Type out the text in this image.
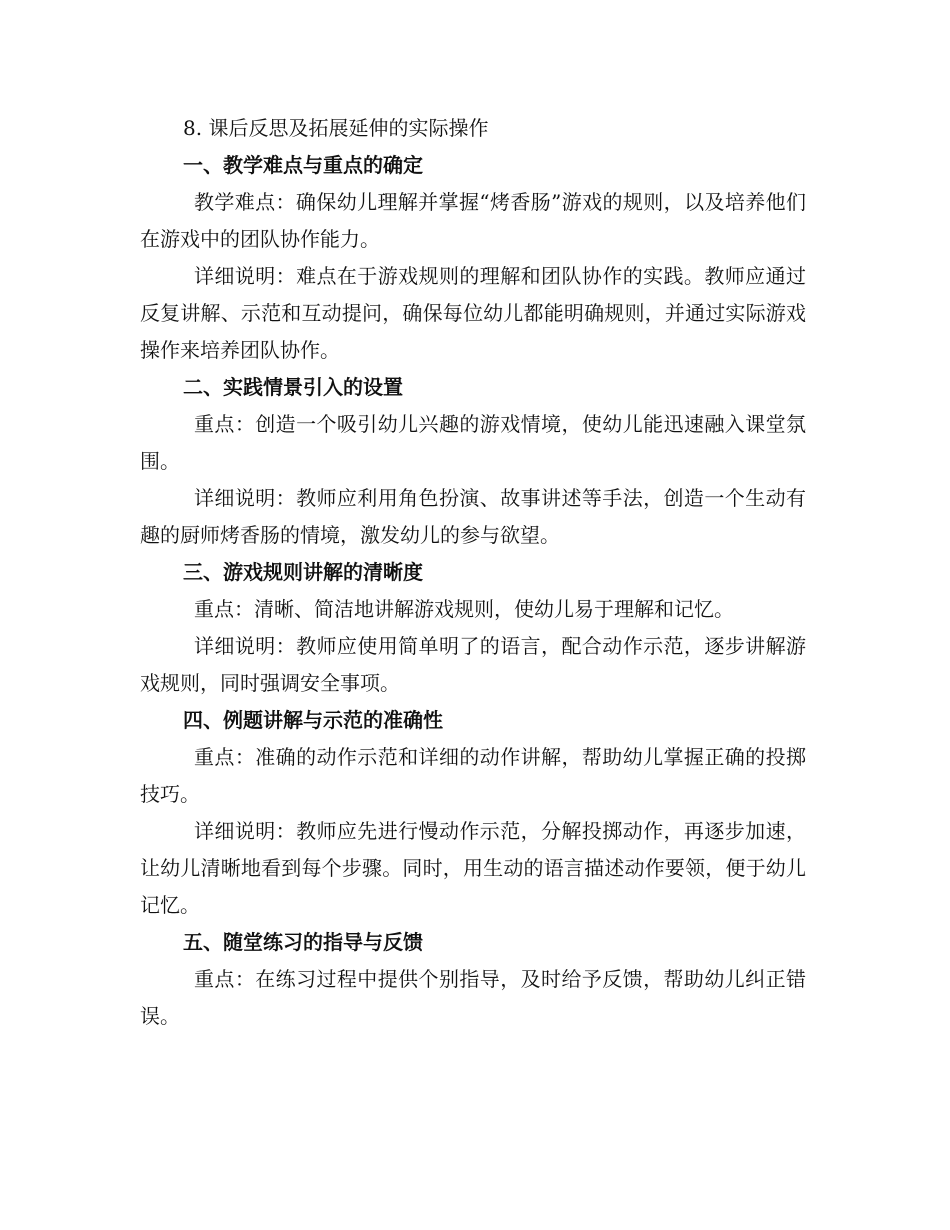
8. 课后反思及拓展延伸的实际操作

一、教学难点与重点的确定

教学难点：确保幼儿理解并掌握“烤香肠”游戏的规则，以及培养他们在游戏中的团队协作能力。

详细说明：难点在于游戏规则的理解和团队协作的实践。教师应通过反复讲解、示范和互动提问，确保每位幼儿都能明确规则，并通过实际游戏操作来培养团队协作。

二、实践情景引入的设置

重点：创造一个吸引幼儿兴趣的游戏情境，使幼儿能迅速融入课堂氛围。

详细说明：教师应利用角色扮演、故事讲述等手法，创造一个生动有趣的厨师烤香肠的情境，激发幼儿的参与欲望。

三、游戏规则讲解的清晰度

重点：清晰、简洁地讲解游戏规则，使幼儿易于理解和记忆。

详细说明：教师应使用简单明了的语言，配合动作示范，逐步讲解游戏规则，同时强调安全事项。

四、例题讲解与示范的准确性

重点：准确的动作示范和详细的动作讲解，帮助幼儿掌握正确的投掷技巧。

详细说明：教师应先进行慢动作示范，分解投掷动作，再逐步加速，让幼儿清晰地看到每个步骤。同时，用生动的语言描述动作要领，便于幼儿记忆。

五、随堂练习的指导与反馈

重点：在练习过程中提供个别指导，及时给予反馈，帮助幼儿纠正错误。
